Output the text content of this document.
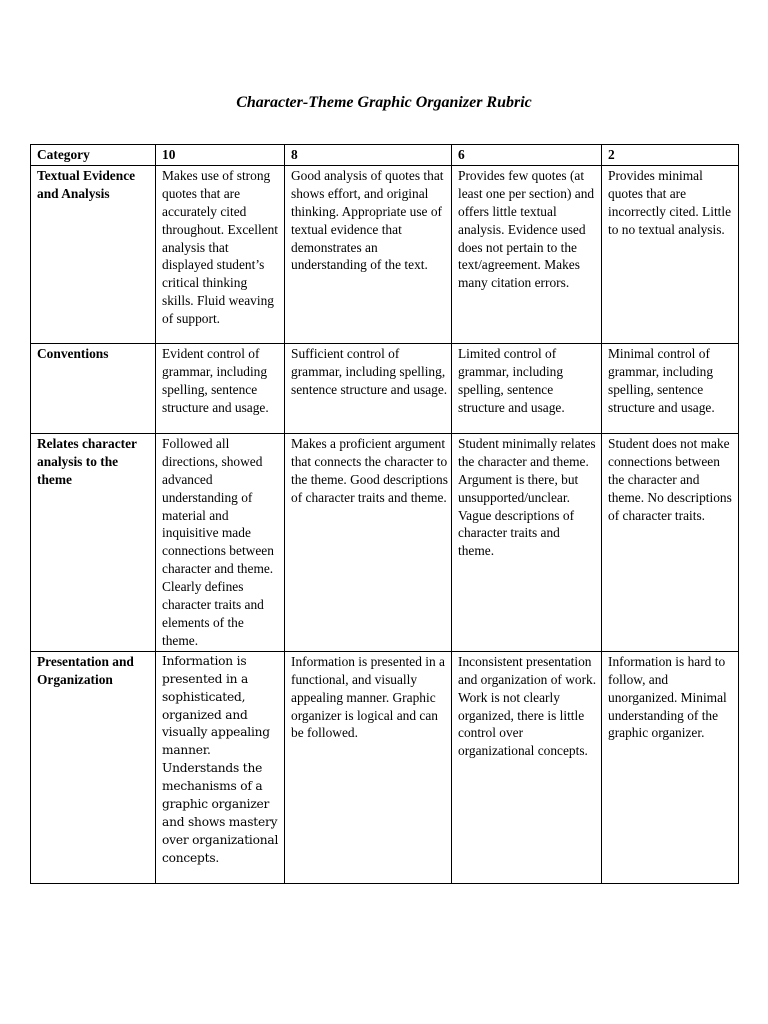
Character-Theme Graphic Organizer Rubric
Category	10	8	6	2
Textual Evidence and Analysis	Makes use of strong quotes that are accurately cited throughout. Excellent analysis that displayed student’s critical thinking skills. Fluid weaving of support.	Good analysis of quotes that shows effort, and original thinking. Appropriate use of textual evidence that demonstrates an understanding of the text.	Provides few quotes (at least one per section) and offers little textual analysis. Evidence used does not pertain to the text/agreement. Makes many citation errors.	Provides minimal quotes that are incorrectly cited. Little to no textual analysis.
Conventions	Evident control of grammar, including spelling, sentence structure and usage.	Sufficient control of grammar, including spelling, sentence structure and usage.	Limited control of grammar, including spelling, sentence structure and usage.	Minimal control of grammar, including spelling, sentence structure and usage.
Relates character analysis to the theme	Followed all directions, showed advanced understanding of material and inquisitive made connections between character and theme. Clearly defines character traits and elements of the theme.	Makes a proficient argument that connects the character to the theme. Good descriptions of character traits and theme.	Student minimally relates the character and theme. Argument is there, but unsupported/unclear. Vague descriptions of character traits and theme.	Student does not make connections between the character and theme. No descriptions of character traits.
Presentation and Organization	Information is presented in a sophisticated, organized and visually appealing manner. Understands the mechanisms of a graphic organizer and shows mastery over organizational concepts.	Information is presented in a functional, and visually appealing manner. Graphic organizer is logical and can be followed.	Inconsistent presentation and organization of work. Work is not clearly organized, there is little control over organizational concepts.	Information is hard to follow, and unorganized. Minimal understanding of the graphic organizer.
